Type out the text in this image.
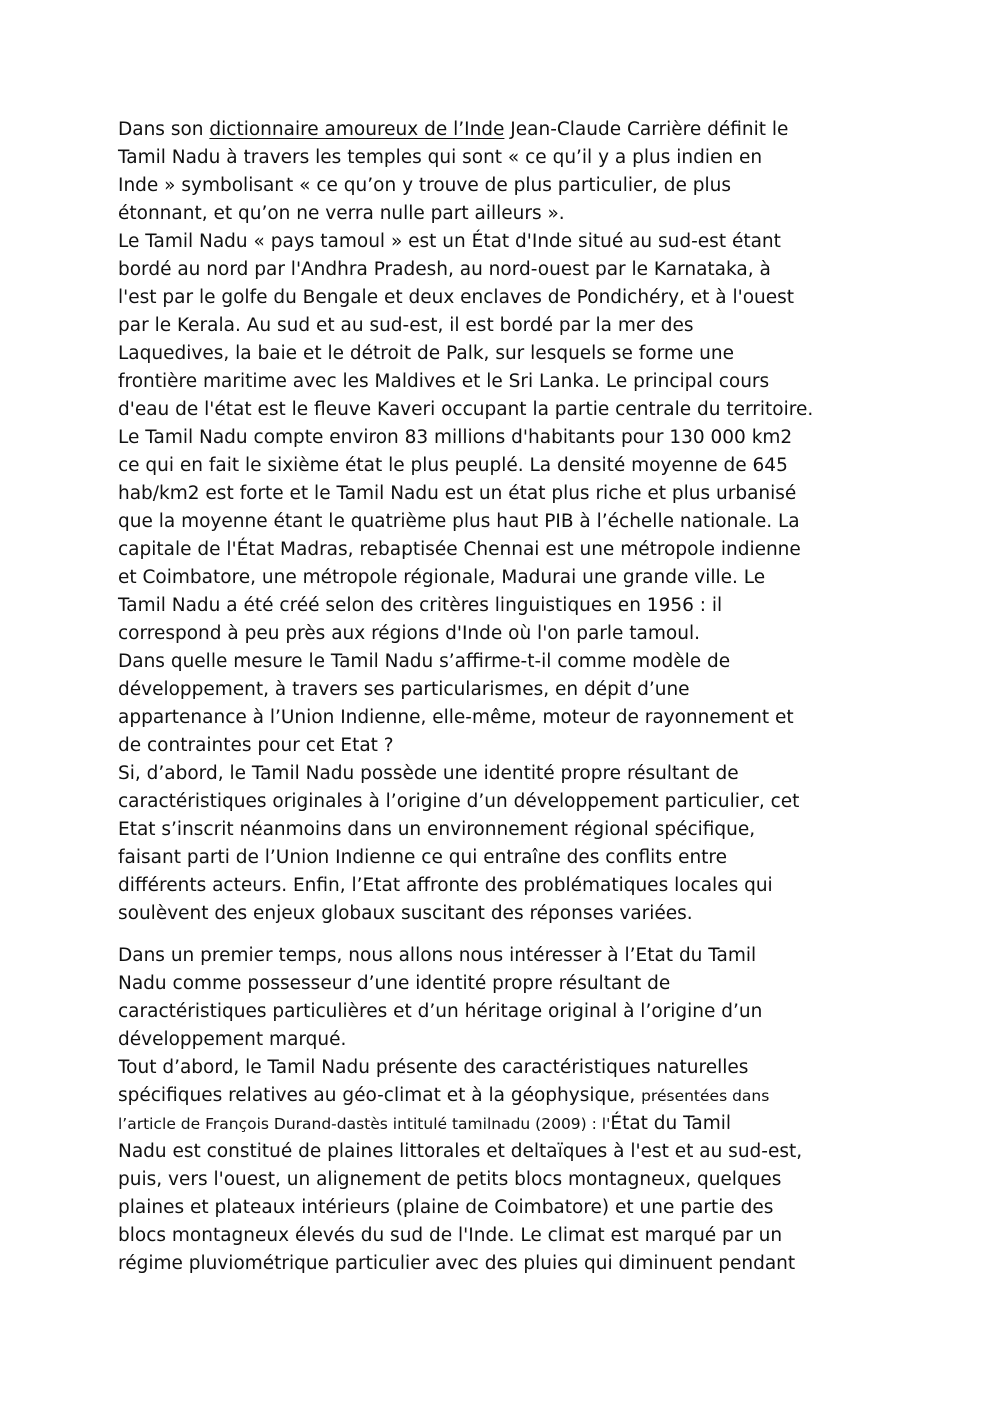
Dans son dictionnaire amoureux de l’Inde Jean-Claude Carrière définit le
Tamil Nadu à travers les temples qui sont « ce qu’il y a plus indien en
Inde » symbolisant « ce qu’on y trouve de plus particulier, de plus
étonnant, et qu’on ne verra nulle part ailleurs ».

Le Tamil Nadu « pays tamoul » est un État d'Inde situé au sud-est étant
bordé au nord par l'Andhra Pradesh, au nord-ouest par le Karnataka, à
l'est par le golfe du Bengale et deux enclaves de Pondichéry, et à l'ouest
par le Kerala. Au sud et au sud-est, il est bordé par la mer des
Laquedives, la baie et le détroit de Palk, sur lesquels se forme une
frontière maritime avec les Maldives et le Sri Lanka. Le principal cours
d'eau de l'état est le fleuve Kaveri occupant la partie centrale du territoire.
Le Tamil Nadu compte environ 83 millions d'habitants pour 130 000 km2
ce qui en fait le sixième état le plus peuplé. La densité moyenne de 645
hab/km2 est forte et le Tamil Nadu est un état plus riche et plus urbanisé
que la moyenne étant le quatrième plus haut PIB à l’échelle nationale. La
capitale de l'État Madras, rebaptisée Chennai est une métropole indienne
et Coimbatore, une métropole régionale, Madurai une grande ville. Le
Tamil Nadu a été créé selon des critères linguistiques en 1956 : il
correspond à peu près aux régions d'Inde où l'on parle tamoul.

Dans quelle mesure le Tamil Nadu s’affirme-t-il comme modèle de
développement, à travers ses particularismes, en dépit d’une
appartenance à l’Union Indienne, elle-même, moteur de rayonnement et
de contraintes pour cet Etat ?

Si, d’abord, le Tamil Nadu possède une identité propre résultant de
caractéristiques originales à l’origine d’un développement particulier, cet
Etat s’inscrit néanmoins dans un environnement régional spécifique,
faisant parti de l’Union Indienne ce qui entraîne des conflits entre
différents acteurs. Enfin, l’Etat affronte des problématiques locales qui
soulèvent des enjeux globaux suscitant des réponses variées.

Dans un premier temps, nous allons nous intéresser à l’Etat du Tamil
Nadu comme possesseur d’une identité propre résultant de
caractéristiques particulières et d’un héritage original à l’origine d’un
développement marqué.

Tout d’abord, le Tamil Nadu présente des caractéristiques naturelles
spécifiques relatives au géo-climat et à la géophysique, présentées dans
l’article de François Durand-dastès intitulé tamilnadu (2009) : l'État du Tamil
Nadu est constitué de plaines littorales et deltaïques à l'est et au sud-est,
puis, vers l'ouest, un alignement de petits blocs montagneux, quelques
plaines et plateaux intérieurs (plaine de Coimbatore) et une partie des
blocs montagneux élevés du sud de l'Inde. Le climat est marqué par un
régime pluviométrique particulier avec des pluies qui diminuent pendant
